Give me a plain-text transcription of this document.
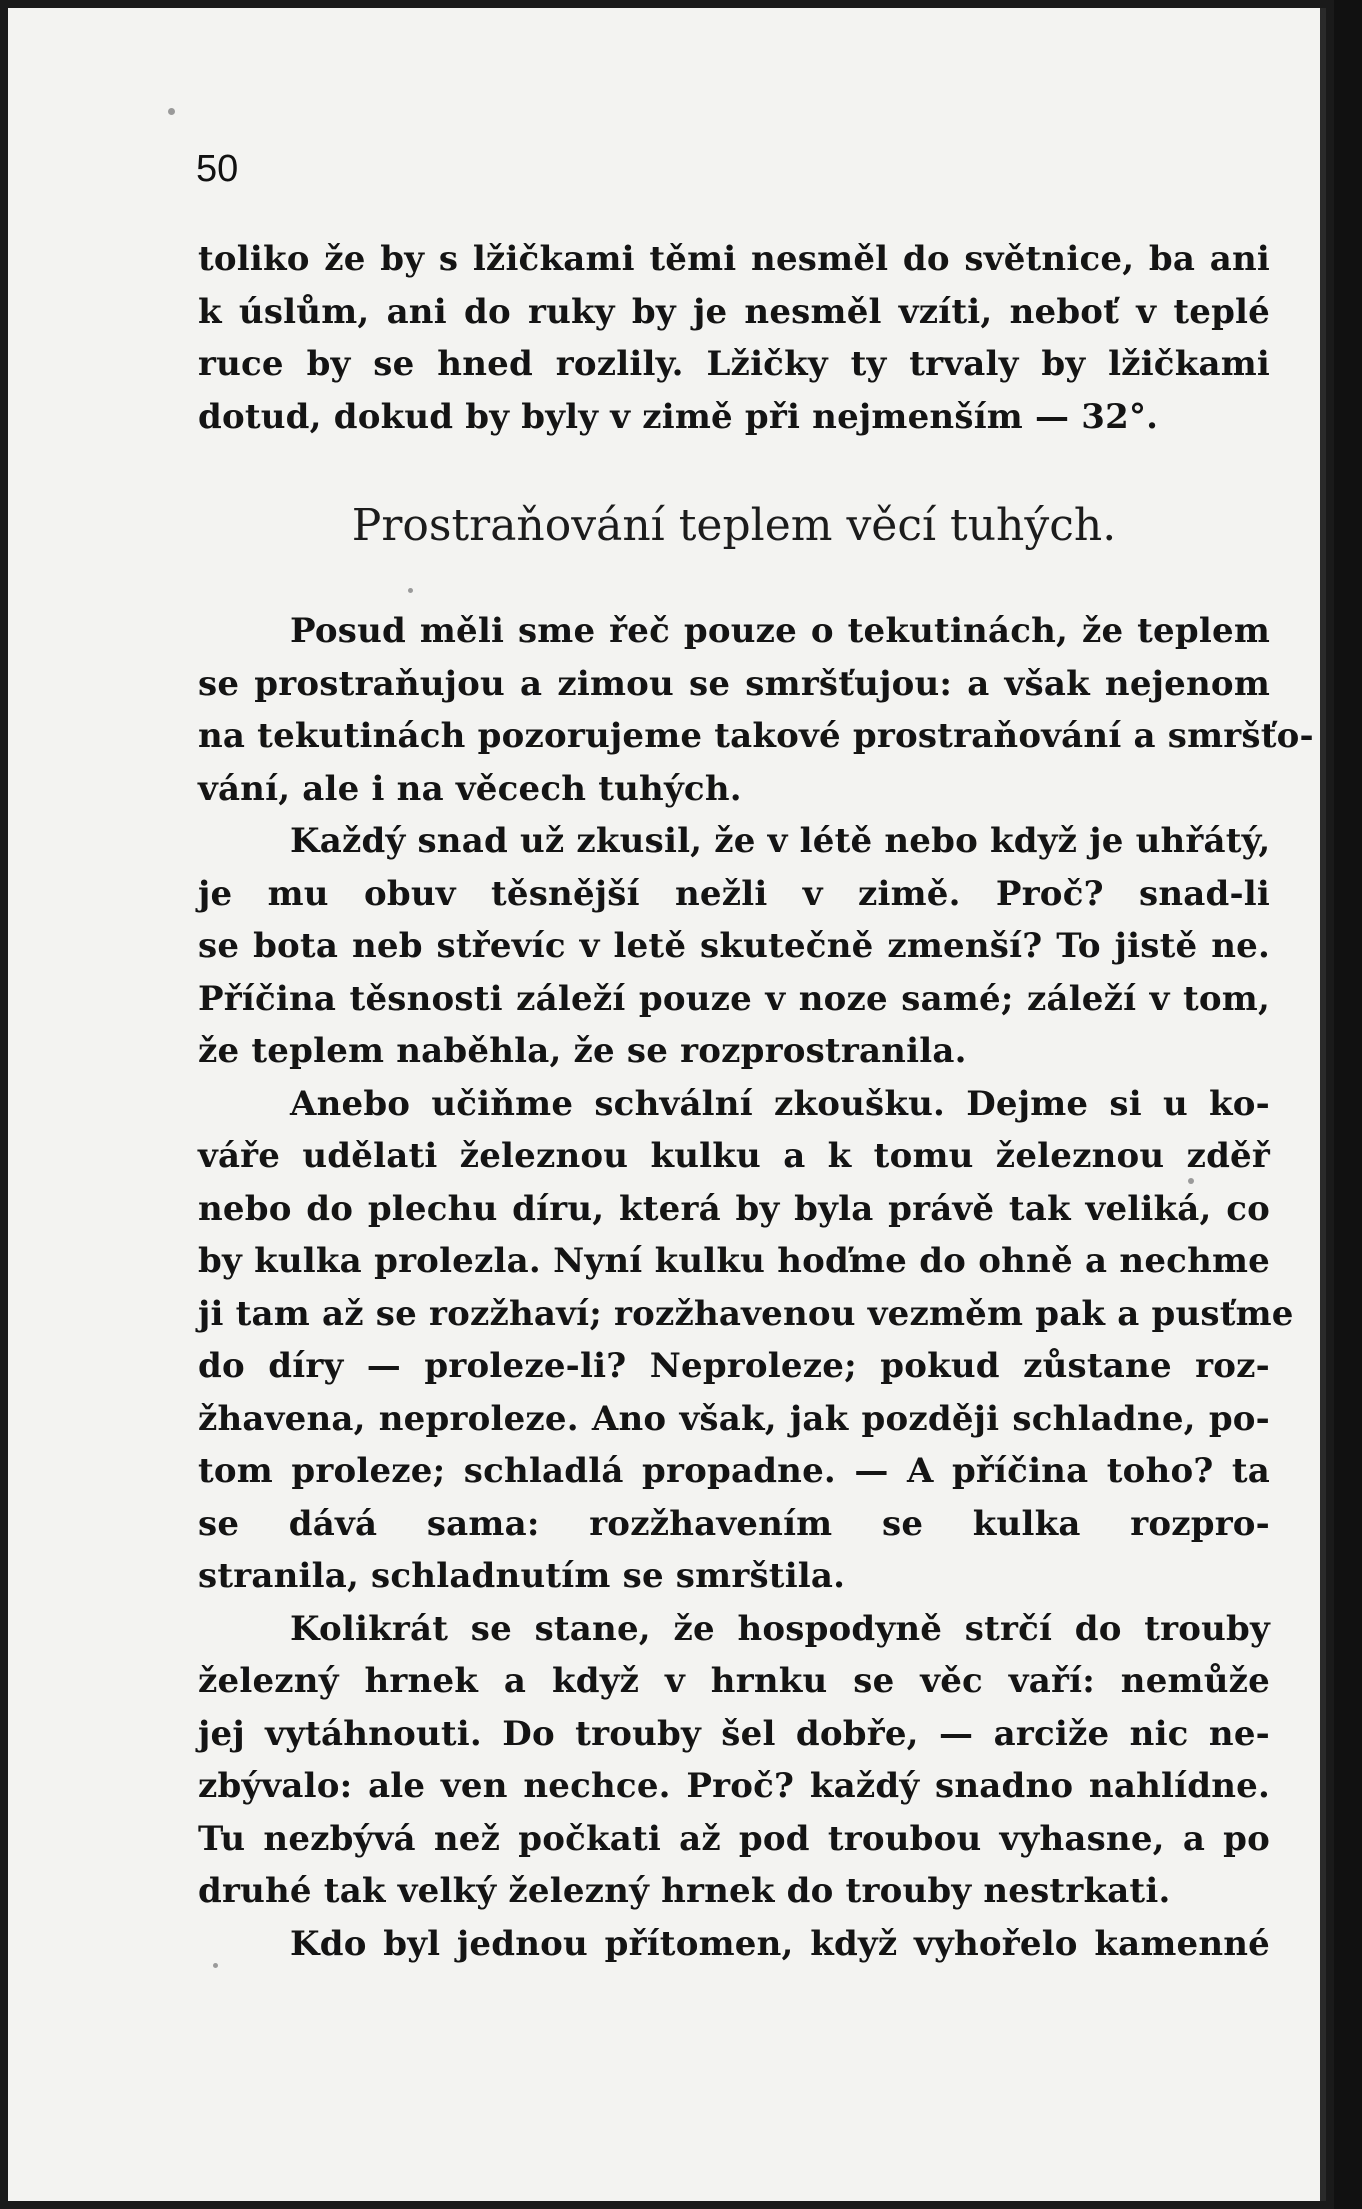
50
toliko že by s lžičkami těmi nesměl do světnice, ba ani
k úslům, ani do ruky by je nesměl vzíti, neboť v teplé
ruce by se hned rozlily. Lžičky ty trvaly by lžičkami
dotud, dokud by byly v zimě při nejmenším — 32°.
Prostraňování teplem věcí tuhých.
Posud měli sme řeč pouze o tekutinách, že teplem
se prostraňujou a zimou se smršťujou: a však nejenom
na tekutinách pozorujeme takové prostraňování a smršťo-
vání, ale i na věcech tuhých.
Každý snad už zkusil, že v létě nebo když je uhřátý,
je mu obuv těsnější nežli v zimě. Proč? snad-li
se bota neb střevíc v letě skutečně zmenší? To jistě ne.
Příčina těsnosti záleží pouze v noze samé; záleží v tom,
že teplem naběhla, že se rozprostranila.
Anebo učiňme schvální zkoušku. Dejme si u ko-
váře udělati železnou kulku a k tomu železnou zděř
nebo do plechu díru, která by byla právě tak veliká, co
by kulka prolezla. Nyní kulku hoďme do ohně a nechme
ji tam až se rozžhaví; rozžhavenou vezměm pak a pusťme
do díry — proleze-li? Neproleze; pokud zůstane roz-
žhavena, neproleze. Ano však, jak později schladne, po-
tom proleze; schladlá propadne. — A příčina toho? ta
se dává sama: rozžhavením se kulka rozpro-
stranila, schladnutím se smrštila.
Kolikrát se stane, že hospodyně strčí do trouby
železný hrnek a když v hrnku se věc vaří: nemůže
jej vytáhnouti. Do trouby šel dobře, — arciže nic ne-
zbývalo: ale ven nechce. Proč? každý snadno nahlídne.
Tu nezbývá než počkati až pod troubou vyhasne, a po
druhé tak velký železný hrnek do trouby nestrkati.
Kdo byl jednou přítomen, když vyhořelo kamenné
